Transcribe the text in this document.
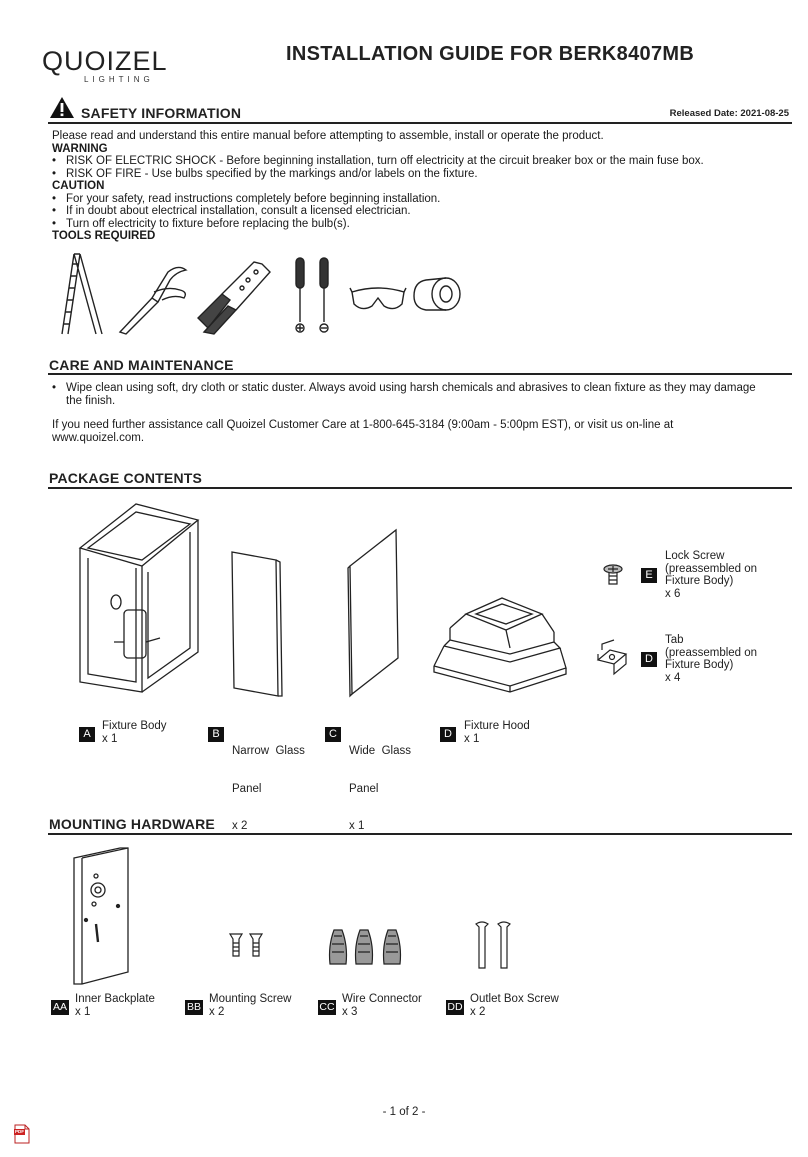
QUOIZEL
LIGHTING
INSTALLATION GUIDE FOR BERK8407MB
SAFETY INFORMATION	Released Date: 2021-08-25
Please read and understand this entire manual before attempting to assemble, install or operate the product.
WARNING
• RISK OF ELECTRIC SHOCK - Before beginning installation, turn off electricity at the circuit breaker box or the main fuse box.
• RISK OF FIRE - Use bulbs specified by the markings and/or labels on the fixture.
CAUTION
• For your safety, read instructions completely before beginning installation.
• If in doubt about electrical installation, consult a licensed electrician.
• Turn off electricity to fixture before replacing the bulb(s).
TOOLS REQUIRED
CARE AND MAINTENANCE
• Wipe clean using soft, dry cloth or static duster. Always avoid using harsh chemicals and abrasives to clean fixture as they may damage
the finish.
If you need further assistance call Quoizel Customer Care at 1-800-645-3184 (9:00am - 5:00pm EST), or visit us on-line at
www.quoizel.com.
PACKAGE CONTENTS
A
Fixture Body
x 1	B

Narrow  Glass

Panel

x 2

C

Wide  Glass

Panel

x 1

D
Fixture Hood
x 1
E
Lock Screw
(preassembled on
Fixture Body)
x 6
D
Tab
(preassembled on
Fixture Body)
x 4
MOUNTING HARDWARE
AA
Inner Backplate
x 1	BB
Mounting Screw
x 2	CC
Wire Connector
x 3	DD
Outlet Box Screw
x 2
- 1 of 2 -
PDF
